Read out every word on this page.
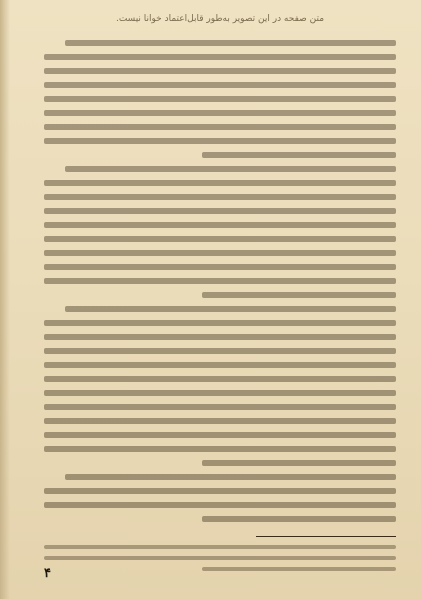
متن صفحه در این تصویر به‌طور قابل‌اعتماد خوانا نیست.
۴
